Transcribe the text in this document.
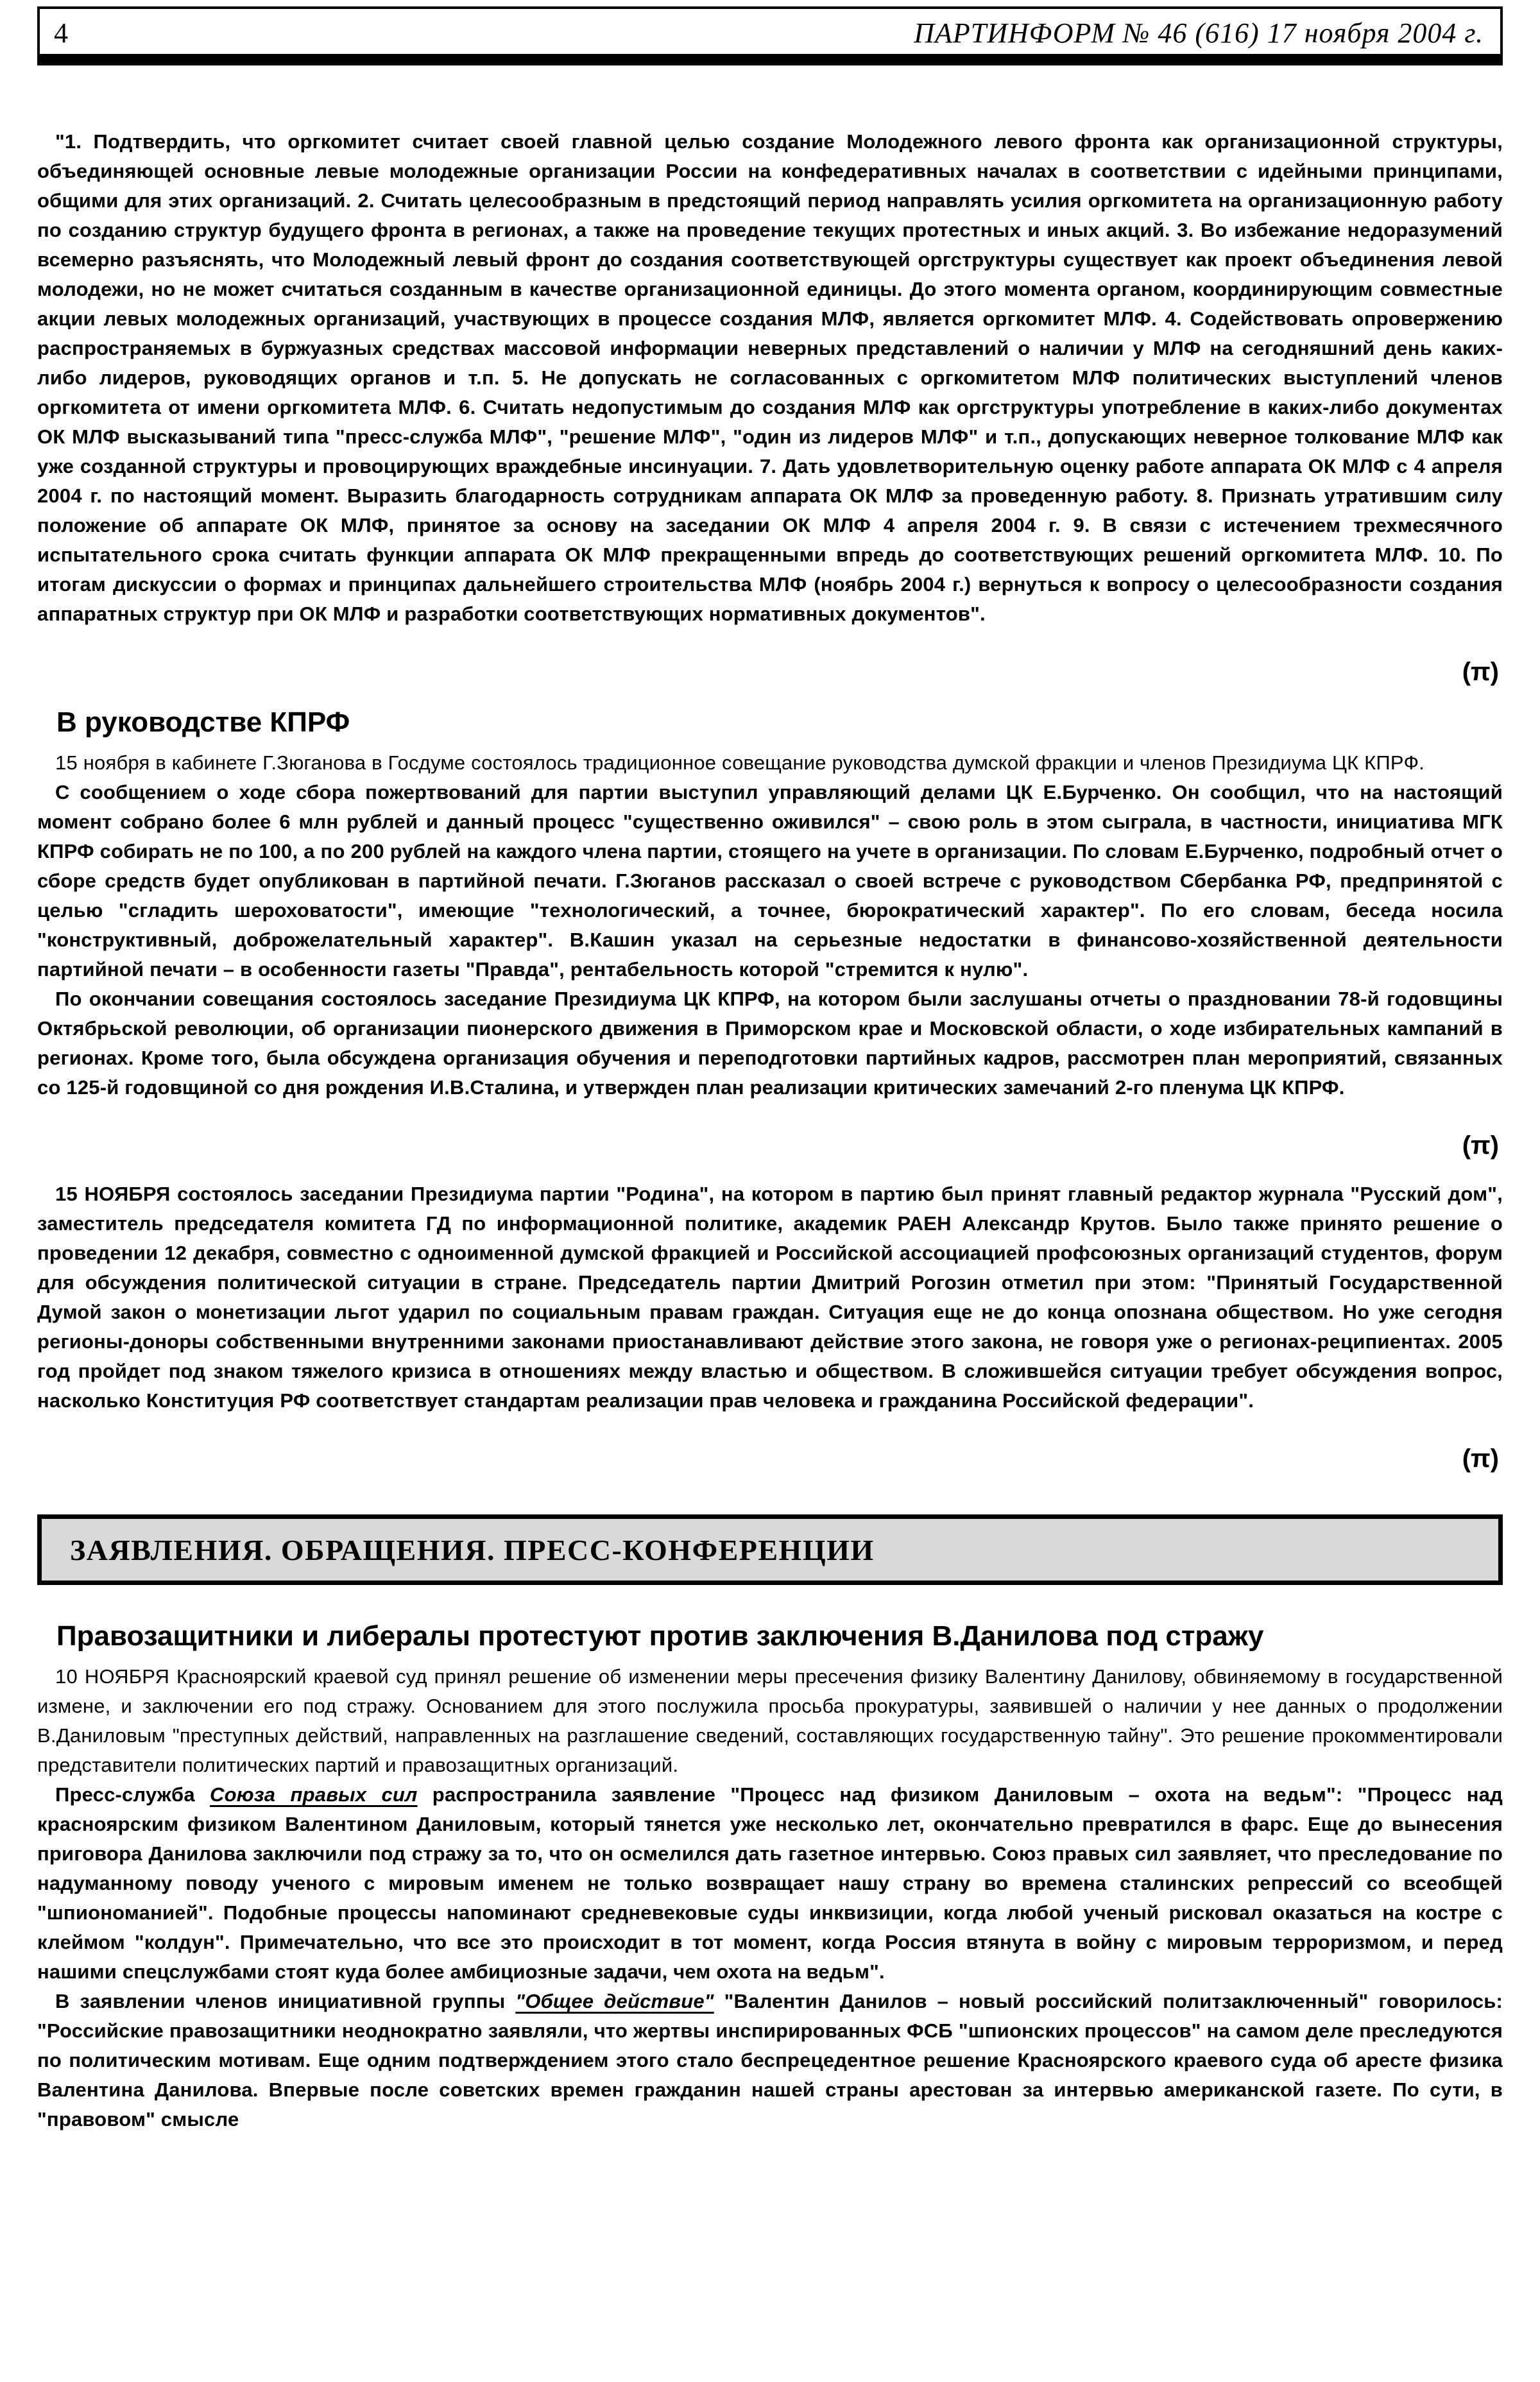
4	ПАРТИНФОРМ № 46 (616) 17 ноября 2004 г.

"1. Подтвердить, что оргкомитет считает своей главной целью создание Молодежного левого фронта как организационной структуры, объединяющей основные левые молодежные организации России на конфедеративных началах в соответствии с идейными принципами, общими для этих организаций. 2. Считать целесообразным в предстоящий период направлять усилия оргкомитета на организационную работу по созданию структур будущего фронта в регионах, а также на проведение текущих протестных и иных акций. 3. Во избежание недоразумений всемерно разъяснять, что Молодежный левый фронт до создания соответствующей оргструктуры существует как проект объединения левой молодежи, но не может считаться созданным в качестве организационной единицы. До этого момента органом, координирующим совместные акции левых молодежных организаций, участвующих в процессе создания МЛФ, является оргкомитет МЛФ. 4. Содействовать опровержению распространяемых в буржуазных средствах массовой информации неверных представлений о наличии у МЛФ на сегодняшний день каких-либо лидеров, руководящих органов и т.п. 5. Не допускать не согласованных с оргкомитетом МЛФ политических выступлений членов оргкомитета от имени оргкомитета МЛФ. 6. Считать недопустимым до создания МЛФ как оргструктуры употребление в каких-либо документах ОК МЛФ высказываний типа "пресс-служба МЛФ", "решение МЛФ", "один из лидеров МЛФ" и т.п., допускающих неверное толкование МЛФ как уже созданной структуры и провоцирующих враждебные инсинуации. 7. Дать удовлетворительную оценку работе аппарата ОК МЛФ с 4 апреля 2004 г. по настоящий момент. Выразить благодарность сотрудникам аппарата ОК МЛФ за проведенную работу. 8. Признать утратившим силу положение об аппарате ОК МЛФ, принятое за основу на заседании ОК МЛФ 4 апреля 2004 г. 9. В связи с истечением трехмесячного испытательного срока считать функции аппарата ОК МЛФ прекращенными впредь до соответствующих решений оргкомитета МЛФ. 10. По итогам дискуссии о формах и принципах дальнейшего строительства МЛФ (ноябрь 2004 г.) вернуться к вопросу о целесообразности создания аппаратных структур при ОК МЛФ и разработки соответствующих нормативных документов".

(π)
В руководстве КПРФ

15 ноября в кабинете Г.Зюганова в Госдуме состоялось традиционное совещание руководства думской фракции и членов Президиума ЦК КПРФ.

С сообщением о ходе сбора пожертвований для партии выступил управляющий делами ЦК Е.Бурченко. Он сообщил, что на настоящий момент собрано более 6 млн рублей и данный процесс "существенно оживился" – свою роль в этом сыграла, в частности, инициатива МГК КПРФ собирать не по 100, а по 200 рублей на каждого члена партии, стоящего на учете в организации. По словам Е.Бурченко, подробный отчет о сборе средств будет опубликован в партийной печати. Г.Зюганов рассказал о своей встрече с руководством Сбербанка РФ, предпринятой с целью "сгладить шероховатости", имеющие "технологический, а точнее, бюрократический характер". По его словам, беседа носила "конструктивный, доброжелательный характер". В.Кашин указал на серьезные недостатки в финансово-хозяйственной деятельности партийной печати – в особенности газеты "Правда", рентабельность которой "стремится к нулю".

По окончании совещания состоялось заседание Президиума ЦК КПРФ, на котором были заслушаны отчеты о праздновании 78-й годовщины Октябрьской революции, об организации пионерского движения в Приморском крае и Московской области, о ходе избирательных кампаний в регионах. Кроме того, была обсуждена организация обучения и переподготовки партийных кадров, рассмотрен план мероприятий, связанных со 125-й годовщиной со дня рождения И.В.Сталина, и утвержден план реализации критических замечаний 2-го пленума ЦК КПРФ.

(π)

15 НОЯБРЯ состоялось заседании Президиума партии "Родина", на котором в партию был принят главный редактор журнала "Русский дом", заместитель председателя комитета ГД по информационной политике, академик РАЕН Александр Крутов. Было также принято решение о проведении 12 декабря, совместно с одноименной думской фракцией и Российской ассоциацией профсоюзных организаций студентов, форум для обсуждения политической ситуации в стране. Председатель партии Дмитрий Рогозин отметил при этом: "Принятый Государственной Думой закон о монетизации льгот ударил по социальным правам граждан. Ситуация еще не до конца опознана обществом. Но уже сегодня регионы-доноры собственными внутренними законами приостанавливают действие этого закона, не говоря уже о регионах-реципиентах. 2005 год пройдет под знаком тяжелого кризиса в отношениях между властью и обществом. В сложившейся ситуации требует обсуждения вопрос, насколько Конституция РФ соответствует стандартам реализации прав человека и гражданина Российской федерации".

(π)
ЗАЯВЛЕНИЯ. ОБРАЩЕНИЯ. ПРЕСС-КОНФЕРЕНЦИИ
Правозащитники и либералы протестуют против заключения В.Данилова под стражу

10 НОЯБРЯ Красноярский краевой суд принял решение об изменении меры пресечения физику Валентину Данилову, обвиняемому в государственной измене, и заключении его под стражу. Основанием для этого послужила просьба прокуратуры, заявившей о наличии у нее данных о продолжении В.Даниловым "преступных действий, направленных на разглашение сведений, составляющих государственную тайну". Это решение прокомментировали представители политических партий и правозащитных организаций.

Пресс-служба Союза правых сил распространила заявление "Процесс над физиком Даниловым – охота на ведьм": "Процесс над красноярским физиком Валентином Даниловым, который тянется уже несколько лет, окончательно превратился в фарс. Еще до вынесения приговора Данилова заключили под стражу за то, что он осмелился дать газетное интервью. Союз правых сил заявляет, что преследование по надуманному поводу ученого с мировым именем не только возвращает нашу страну во времена сталинских репрессий со всеобщей "шпиономанией". Подобные процессы напоминают средневековые суды инквизиции, когда любой ученый рисковал оказаться на костре с клеймом "колдун". Примечательно, что все это происходит в тот момент, когда Россия втянута в войну с мировым терроризмом, и перед нашими спецслужбами стоят куда более амбициозные задачи, чем охота на ведьм".

В заявлении членов инициативной группы "Общее действие" "Валентин Данилов – новый российский политзаключенный" говорилось: "Российские правозащитники неоднократно заявляли, что жертвы инспирированных ФСБ "шпионских процессов" на самом деле преследуются по политическим мотивам. Еще одним подтверждением этого стало беспрецедентное решение Красноярского краевого суда об аресте физика Валентина Данилова. Впервые после советских времен гражданин нашей страны арестован за интервью американской газете. По сути, в "правовом" смысле
